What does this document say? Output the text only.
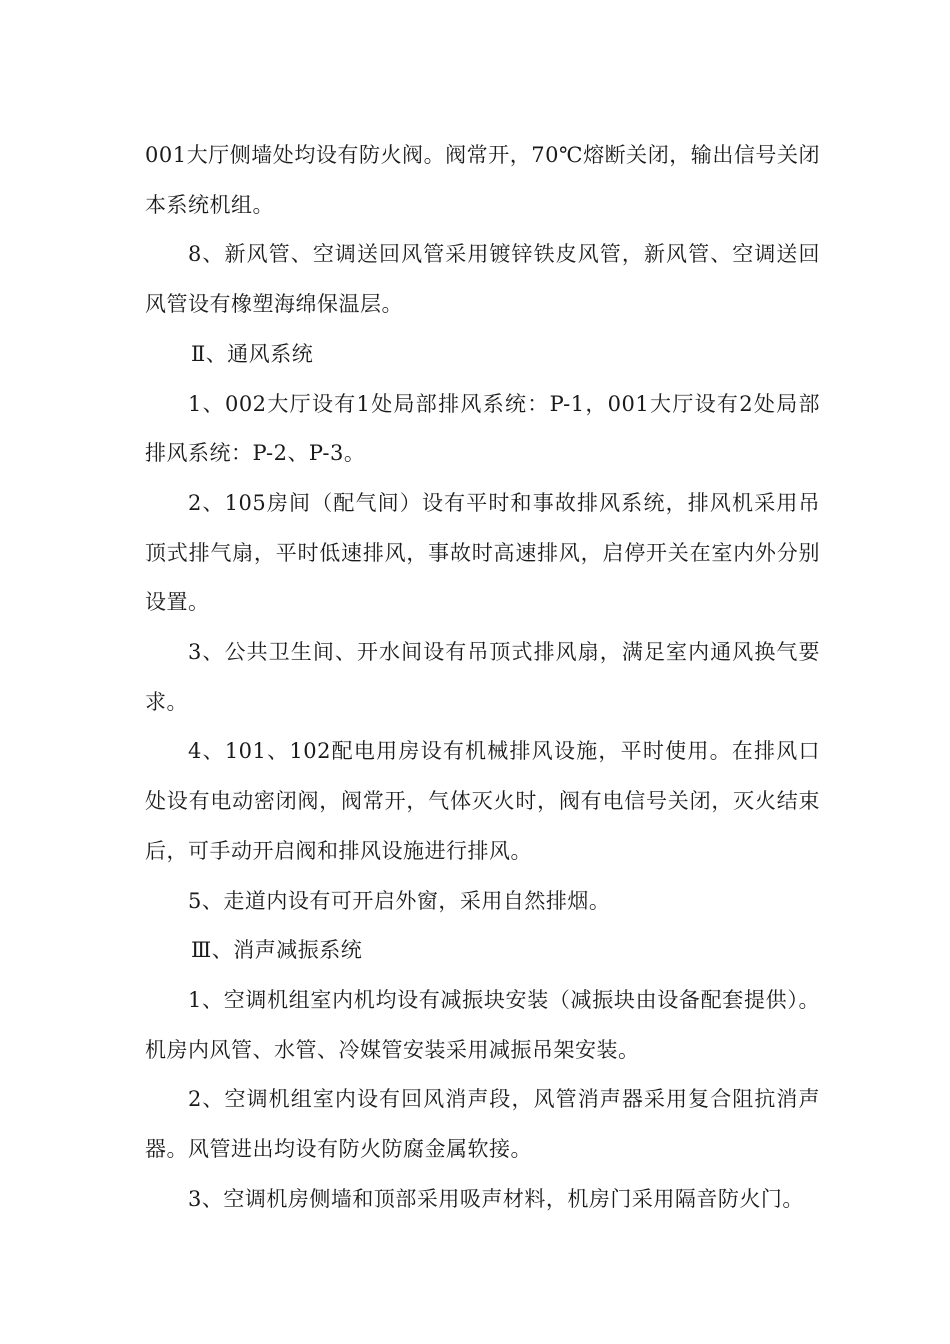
001大厅侧墙处均设有防火阀。阀常开，70℃熔断关闭，输出信号关闭本系统机组。

8、新风管、空调送回风管采用镀锌铁皮风管，新风管、空调送回风管设有橡塑海绵保温层。

Ⅱ、通风系统

1、002大厅设有1处局部排风系统：P-1，001大厅设有2处局部排风系统：P-2、P-3。

2、105房间（配气间）设有平时和事故排风系统，排风机采用吊顶式排气扇，平时低速排风，事故时高速排风，启停开关在室内外分别设置。

3、公共卫生间、开水间设有吊顶式排风扇，满足室内通风换气要求。

4、101、102配电用房设有机械排风设施，平时使用。在排风口处设有电动密闭阀，阀常开，气体灭火时，阀有电信号关闭，灭火结束后，可手动开启阀和排风设施进行排风。

5、走道内设有可开启外窗，采用自然排烟。

Ⅲ、消声减振系统

1、空调机组室内机均设有减振块安装（减振块由设备配套提供）。机房内风管、水管、冷媒管安装采用减振吊架安装。

2、空调机组室内设有回风消声段，风管消声器采用复合阻抗消声器。风管进出均设有防火防腐金属软接。

3、空调机房侧墙和顶部采用吸声材料，机房门采用隔音防火门。
